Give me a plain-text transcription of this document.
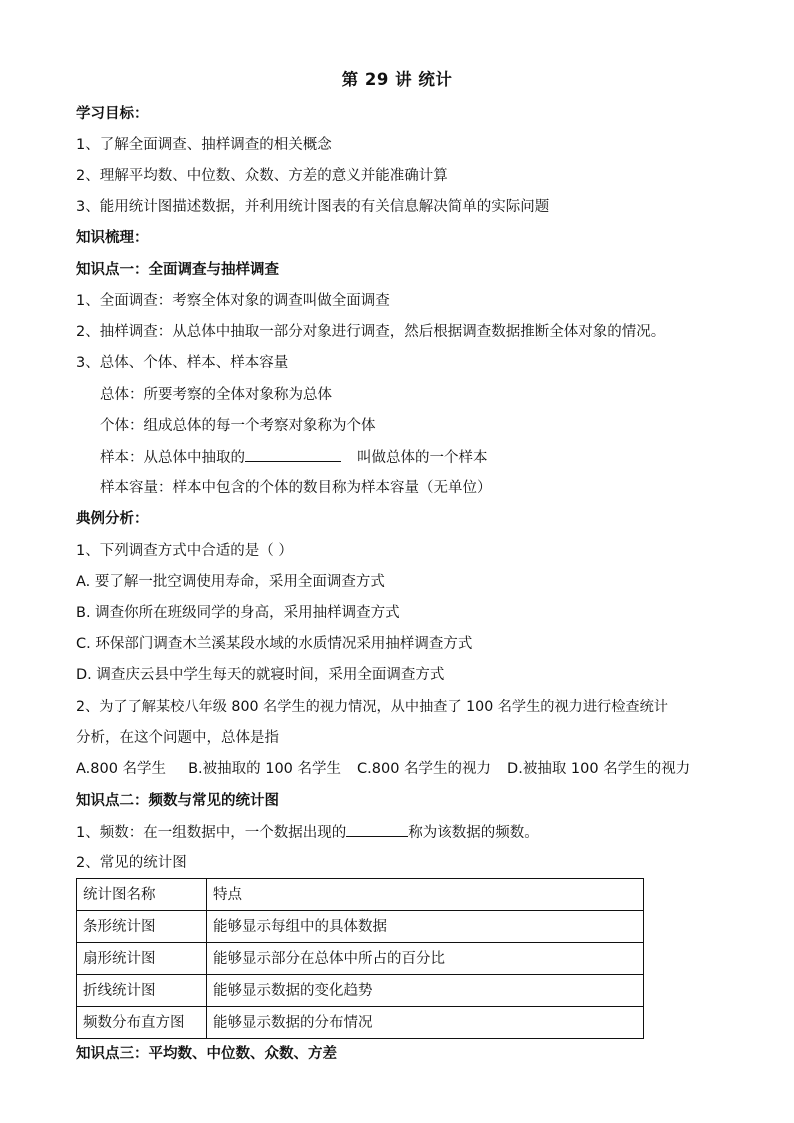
第 29 讲 统计
学习目标：
1、了解全面调查、抽样调查的相关概念
2、理解平均数、中位数、众数、方差的意义并能准确计算
3、能用统计图描述数据，并利用统计图表的有关信息解决简单的实际问题
知识梳理：
知识点一：全面调查与抽样调查
1、全面调查：考察全体对象的调查叫做全面调查
2、抽样调查：从总体中抽取一部分对象进行调查，然后根据调查数据推断全体对象的情况。
3、总体、个体、样本、样本容量
总体：所要考察的全体对象称为总体
个体：组成总体的每一个考察对象称为个体
样本：从总体中抽取的	叫做总体的一个样本
样本容量：样本中包含的个体的数目称为样本容量（无单位）
典例分析：
1、下列调查方式中合适的是（ ）
A. 要了解一批空调使用寿命，采用全面调查方式
B. 调查你所在班级同学的身高，采用抽样调查方式
C. 环保部门调查木兰溪某段水域的水质情况采用抽样调查方式
D. 调查庆云县中学生每天的就寝时间，采用全面调查方式
2、为了了解某校八年级 800 名学生的视力情况，从中抽查了 100 名学生的视力进行检查统计
分析，在这个问题中，总体是指
A.800 名学生 B.被抽取的 100 名学生 C.800 名学生的视力 D.被抽取 100 名学生的视力
知识点二：频数与常见的统计图
1、频数：在一组数据中，一个数据出现的	称为该数据的频数。
2、常见的统计图
统计图名称	特点
条形统计图	能够显示每组中的具体数据
扇形统计图	能够显示部分在总体中所占的百分比
折线统计图	能够显示数据的变化趋势
频数分布直方图	能够显示数据的分布情况
知识点三：平均数、中位数、众数、方差
